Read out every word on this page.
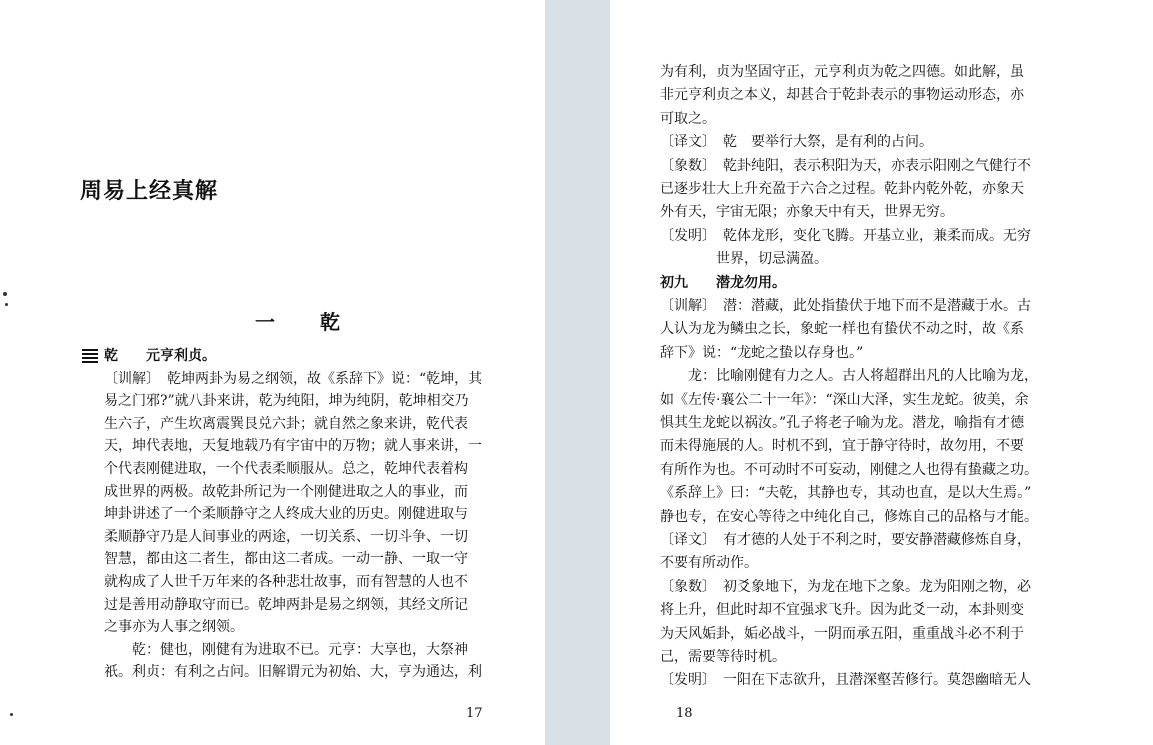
周易上经真解
一 乾
乾　　元亨利贞。
〔训解〕　乾坤两卦为易之纲领，故《系辞下》说：“乾坤，其
易之门邪?”就八卦来讲，乾为纯阳，坤为纯阴，乾坤相交乃
生六子，产生坎离震巽艮兑六卦；就自然之象来讲，乾代表
天，坤代表地，天复地载乃有宇宙中的万物；就人事来讲，一
个代表刚健进取，一个代表柔顺服从。总之，乾坤代表着构
成世界的两极。故乾卦所记为一个刚健进取之人的事业，而
坤卦讲述了一个柔顺静守之人终成大业的历史。刚健进取与
柔顺静守乃是人间事业的两途，一切关系、一切斗争、一切
智慧，都由这二者生，都由这二者成。一动一静、一取一守
就构成了人世千万年来的各种悲壮故事，而有智慧的人也不
过是善用动静取守而已。乾坤两卦是易之纲领，其经文所记
之事亦为人事之纲领。
　　乾：健也，刚健有为进取不已。元亨：大享也，大祭神
祇。利贞：有利之占问。旧解谓元为初始、大，亨为通达，利
17
为有利，贞为坚固守正，元亨利贞为乾之四德。如此解，虽
非元亨利贞之本义，却甚合于乾卦表示的事物运动形态，亦
可取之。
〔译文〕　乾　要举行大祭，是有利的占问。
〔象数〕　乾卦纯阳，表示积阳为天，亦表示阳刚之气健行不
已逐步壮大上升充盈于六合之过程。乾卦内乾外乾，亦象天
外有天，宇宙无限；亦象天中有天，世界无穷。
〔发明〕　乾体龙形，变化飞腾。开基立业，兼柔而成。无穷
　　　　世界，切忌满盈。
初九　　潜龙勿用。
〔训解〕　潜：潜藏，此处指蛰伏于地下而不是潜藏于水。古
人认为龙为鳞虫之长，象蛇一样也有蛰伏不动之时，故《系
辞下》说：“龙蛇之蛰以存身也。”
　　龙：比喻刚健有力之人。古人将超群出凡的人比喻为龙，
如《左传·襄公二十一年》：“深山大泽，实生龙蛇。彼美，余
惧其生龙蛇以祸汝。”孔子将老子喻为龙。潜龙，喻指有才德
而未得施展的人。时机不到，宜于静守待时，故勿用，不要
有所作为也。不可动时不可妄动，刚健之人也得有蛰藏之功。
《系辞上》曰：“夫乾，其静也专，其动也直，是以大生焉。”
静也专，在安心等待之中纯化自己，修炼自己的品格与才能。
〔译文〕　有才德的人处于不利之时，要安静潜藏修炼自身，
不要有所动作。
〔象数〕　初爻象地下，为龙在地下之象。龙为阳刚之物，必
将上升，但此时却不宜强求飞升。因为此爻一动，本卦则变
为天风姤卦，姤必战斗，一阴而承五阳，重重战斗必不利于
己，需要等待时机。
〔发明〕　一阳在下志欲升，且潜深壑苦修行。莫怨幽暗无人
18
